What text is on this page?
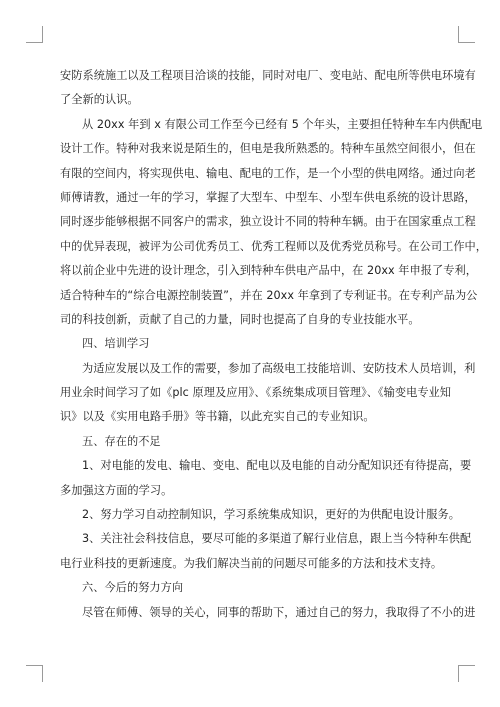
安防系统施工以及工程项目洽谈的技能，同时对电厂、变电站、配电所等供电环境有
了全新的认识。
从 20xx 年到 x 有限公司工作至今已经有 5 个年头，主要担任特种车车内供配电
设计工作。特种对我来说是陌生的，但电是我所熟悉的。特种车虽然空间很小，但在
有限的空间内，将实现供电、输电、配电的工作，是一个小型的供电网络。通过向老
师傅请教，通过一年的学习，掌握了大型车、中型车、小型车供电系统的设计思路，
同时逐步能够根据不同客户的需求，独立设计不同的特种车辆。由于在国家重点工程
中的优异表现，被评为公司优秀员工、优秀工程师以及优秀党员称号。在公司工作中，
将以前企业中先进的设计理念，引入到特种车供电产品中，在 20xx 年申报了专利，
适合特种车的“综合电源控制装置”，并在 20xx 年拿到了专利证书。在专利产品为公
司的科技创新，贡献了自己的力量，同时也提高了自身的专业技能水平。
四、培训学习
为适应发展以及工作的需要，参加了高级电工技能培训、安防技术人员培训，利
用业余时间学习了如《plc 原理及应用》、《系统集成项目管理》、《输变电专业知
识》以及《实用电路手册》等书籍，以此充实自己的专业知识。
五、存在的不足
1、对电能的发电、输电、变电、配电以及电能的自动分配知识还有待提高，要
多加强这方面的学习。
2、努力学习自动控制知识，学习系统集成知识，更好的为供配电设计服务。
3、关注社会科技信息，要尽可能的多渠道了解行业信息，跟上当今特种车供配
电行业科技的更新速度。为我们解决当前的问题尽可能多的方法和技术支持。
六、今后的努力方向
尽管在师傅、领导的关心，同事的帮助下，通过自己的努力，我取得了不小的进
